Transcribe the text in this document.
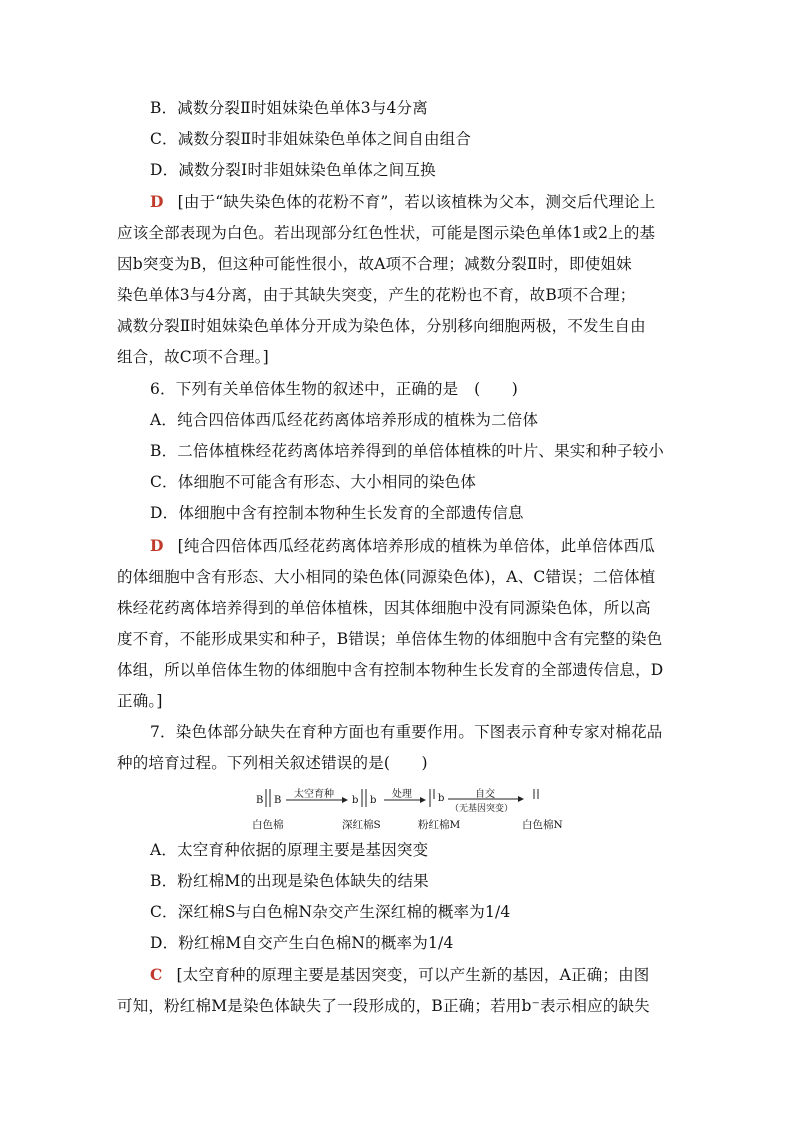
B．减数分裂Ⅱ时姐妹染色单体3与4分离
C．减数分裂Ⅱ时非姐妹染色单体之间自由组合
D．减数分裂Ⅰ时非姐妹染色单体之间互换
D [由于“缺失染色体的花粉不育”，若以该植株为父本，测交后代理论上
应该全部表现为白色。若出现部分红色性状，可能是图示染色单体1或2上的基
因b突变为B，但这种可能性很小，故A项不合理；减数分裂Ⅱ时，即使姐妹
染色单体3与4分离，由于其缺失突变，产生的花粉也不育，故B项不合理；
减数分裂Ⅱ时姐妹染色单体分开成为染色体，分别移向细胞两极，不发生自由
组合，故C项不合理。]
6．下列有关单倍体生物的叙述中，正确的是　(　　)
A．纯合四倍体西瓜经花药离体培养形成的植株为二倍体
B．二倍体植株经花药离体培养得到的单倍体植株的叶片、果实和种子较小
C．体细胞不可能含有形态、大小相同的染色体
D．体细胞中含有控制本物种生长发育的全部遗传信息
D [纯合四倍体西瓜经花药离体培养形成的植株为单倍体，此单倍体西瓜
的体细胞中含有形态、大小相同的染色体(同源染色体)，A、C错误；二倍体植
株经花药离体培养得到的单倍体植株，因其体细胞中没有同源染色体，所以高
度不育，不能形成果实和种子，B错误；单倍体生物的体细胞中含有完整的染色
体组，所以单倍体生物的体细胞中含有控制本物种生长发育的全部遗传信息，D
正确。]
7．染色体部分缺失在育种方面也有重要作用。下图表示育种专家对棉花品
种的培育过程。下列相关叙述错误的是(　　)
B B
太空育种
b b
处理	b	自交
（无基因突变）
白色棉	深红棉S	粉红棉M	白色棉N
A．太空育种依据的原理主要是基因突变
B．粉红棉M的出现是染色体缺失的结果
C．深红棉S与白色棉N杂交产生深红棉的概率为1/4
D．粉红棉M自交产生白色棉N的概率为1/4
C [太空育种的原理主要是基因突变，可以产生新的基因，A正确；由图
可知，粉红棉M是染色体缺失了一段形成的，B正确；若用b⁻表示相应的缺失
